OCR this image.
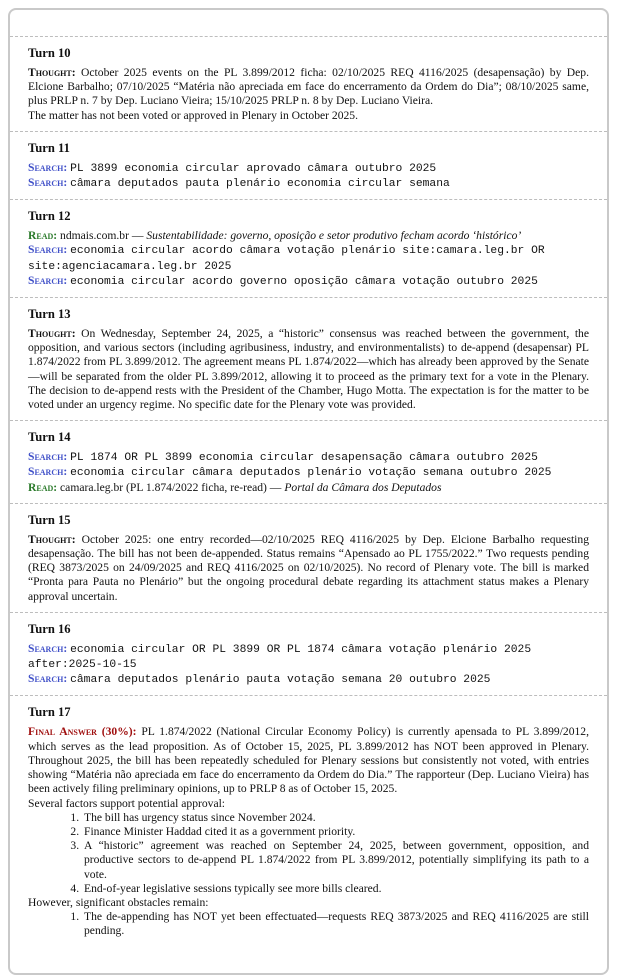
Turn 10
Thought: October 2025 events on the PL 3.899/2012 ficha: 02/10/2025 REQ 4116/2025 (desapensação) by Dep. Elcione Barbalho; 07/10/2025 “Matéria não apreciada em face do encerramento da Ordem do Dia”; 08/10/2025 same, plus PRLP n. 7 by Dep. Luciano Vieira; 15/10/2025 PRLP n. 8 by Dep. Luciano Vieira.
The matter has not been voted or approved in Plenary in October 2025.
Turn 11
Search: PL 3899 economia circular aprovado câmara outubro 2025
Search: câmara deputados pauta plenário economia circular semana
Turn 12
Read: ndmais.com.br — Sustentabilidade: governo, oposição e setor produtivo fecham acordo ‘histórico’
Search: economia circular acordo câmara votação plenário site:camara.leg.br OR site:agenciacamara.leg.br 2025
Search: economia circular acordo governo oposição câmara votação outubro 2025
Turn 13
Thought: On Wednesday, September 24, 2025, a “historic” consensus was reached between the government, the opposition, and various sectors (including agribusiness, industry, and environmentalists) to de-append (desapensar) PL 1.874/2022 from PL 3.899/2012. The agreement means PL 1.874/2022—which has already been approved by the Senate—will be separated from the older PL 3.899/2012, allowing it to proceed as the primary text for a vote in the Plenary. The decision to de-append rests with the President of the Chamber, Hugo Motta. The expectation is for the matter to be voted under an urgency regime. No specific date for the Plenary vote was provided.
Turn 14
Search: PL 1874 OR PL 3899 economia circular desapensação câmara outubro 2025
Search: economia circular câmara deputados plenário votação semana outubro 2025
Read: camara.leg.br (PL 1.874/2022 ficha, re-read) — Portal da Câmara dos Deputados
Turn 15
Thought: October 2025: one entry recorded—02/10/2025 REQ 4116/2025 by Dep. Elcione Barbalho requesting desapensação. The bill has not been de-appended. Status remains “Apensado ao PL 1755/2022.” Two requests pending (REQ 3873/2025 on 24/09/2025 and REQ 4116/2025 on 02/10/2025). No record of Plenary vote. The bill is marked “Pronta para Pauta no Plenário” but the ongoing procedural debate regarding its attachment status makes a Plenary approval uncertain.
Turn 16
Search: economia circular OR PL 3899 OR PL 1874 câmara votação plenário 2025 after:2025-10-15
Search: câmara deputados plenário pauta votação semana 20 outubro 2025
Turn 17
Final Answer (30%): PL 1.874/2022 (National Circular Economy Policy) is currently apensada to PL 3.899/2012, which serves as the lead proposition. As of October 15, 2025, PL 3.899/2012 has NOT been approved in Plenary. Throughout 2025, the bill has been repeatedly scheduled for Plenary sessions but consistently not voted, with entries showing “Matéria não apreciada em face do encerramento da Ordem do Dia.” The rapporteur (Dep. Luciano Vieira) has been actively filing preliminary opinions, up to PRLP 8 as of October 15, 2025.
Several factors support potential approval:
1. The bill has urgency status since November 2024.
2. Finance Minister Haddad cited it as a government priority.
3. A “historic” agreement was reached on September 24, 2025, between government, opposition, and productive sectors to de-append PL 1.874/2022 from PL 3.899/2012, potentially simplifying its path to a vote.
4. End-of-year legislative sessions typically see more bills cleared.
However, significant obstacles remain:
1. The de-appending has NOT yet been effectuated—requests REQ 3873/2025 and REQ 4116/2025 are still pending.
